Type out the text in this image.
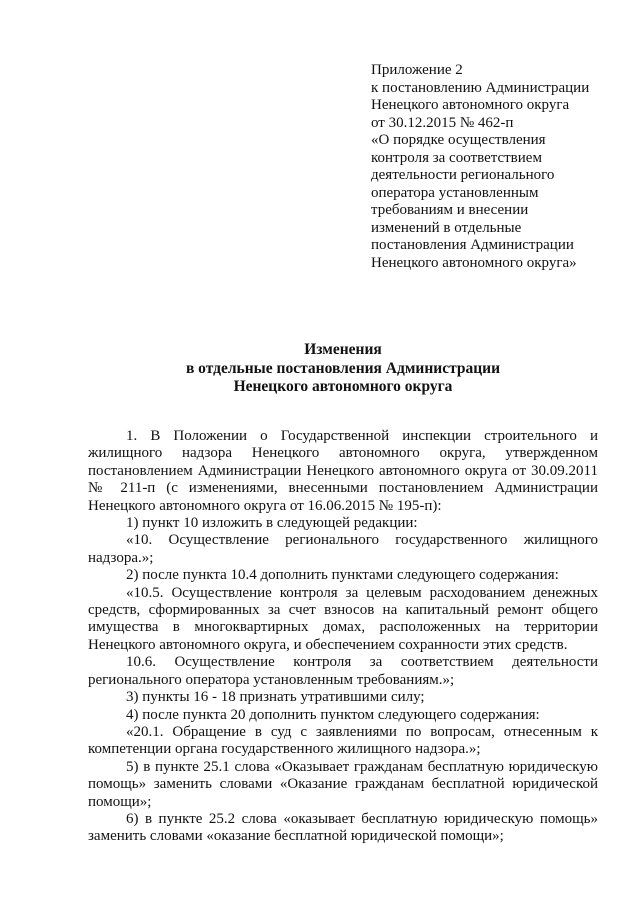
Приложение 2
к постановлению Администрации
Ненецкого автономного округа
от 30.12.2015 № 462-п
«О порядке осуществления
контроля за соответствием
деятельности регионального
оператора установленным
требованиям и внесении
изменений в отдельные
постановления Администрации
Ненецкого автономного округа»
Изменения
в отдельные постановления Администрации
Ненецкого автономного округа

1. В Положении о Государственной инспекции строительного и жилищного надзора Ненецкого автономного округа, утвержденном постановлением Администрации Ненецкого автономного округа от 30.09.2011 № 211-п (с изменениями, внесенными постановлением Администрации Ненецкого автономного округа от 16.06.2015 № 195-п):

1) пункт 10 изложить в следующей редакции:

«10. Осуществление регионального государственного жилищного надзора.»;

2) после пункта 10.4 дополнить пунктами следующего содержания:

«10.5. Осуществление контроля за целевым расходованием денежных средств, сформированных за счет взносов на капитальный ремонт общего имущества в многоквартирных домах, расположенных на территории Ненецкого автономного округа, и обеспечением сохранности этих средств.

10.6. Осуществление контроля за соответствием деятельности регионального оператора установленным требованиям.»;

3) пункты 16 - 18 признать утратившими силу;

4) после пункта 20 дополнить пунктом следующего содержания:

«20.1. Обращение в суд с заявлениями по вопросам, отнесенным к компетенции органа государственного жилищного надзора.»;

5) в пункте 25.1 слова «Оказывает гражданам бесплатную юридическую помощь» заменить словами «Оказание гражданам бесплатной юридической помощи»;

6) в пункте 25.2 слова «оказывает бесплатную юридическую помощь» заменить словами «оказание бесплатной юридической помощи»;
